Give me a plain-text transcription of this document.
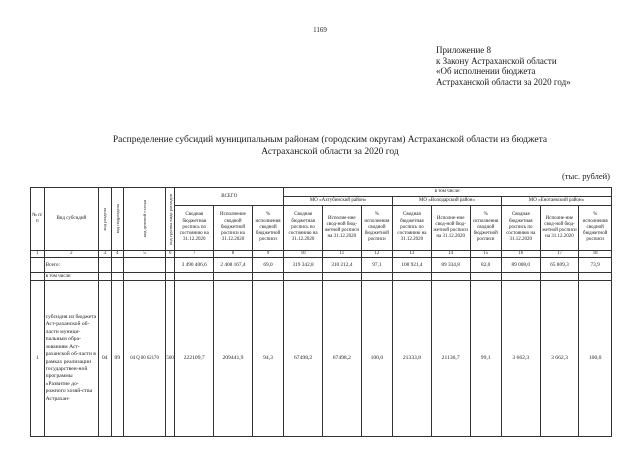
1169
Приложение 8
к Закону Астраханской области
«Об исполнении бюджета
Астраханской области за 2020 год»
Распределение субсидий муниципальным районам (городским округам) Астраханской области из бюджета
Астраханской области за 2020 год
(тыс. рублей)
№ п/п	Вид субсидий	код раздела	код подраздела	код целевой статьи	код группы вида расходов	ВСЕГО			в том числе:								
									МО «Ахтубинский район»			МО «Володарский район»			МО «Енотаевский район»		
						Сводная бюджетная роспись по состоянию на 31.12.2020	Исполнение сводной бюджетной росписи на 31.12.2020	% исполнения сводной бюджетной росписи	Сводная бюджетная роспись по состоянию на 31.12.2020	Исполне-ние свод-ной бюд-жетной росписи на 31.12.2020	% исполнения сводной бюджетной росписи	Сводная бюджетная роспись по состоянию на 31.12.2020	Исполне-ние свод-ной бюд-жетной росписи на 31.12.2020	% исполнения сводной бюджетной росписи	Сводная бюджетная роспись по состоянию на 31.12.2020	Исполне-ние свод-ной бюд-жетной росписи на 31.12.2020	% исполнения сводной бюджетной росписи
1	2	3	4	5	6	7	8	9	10	11	12	13	14	15	16	17	18
	Всего:					3 490 406,6	2 408 167,4	69,0	319 342,8	310 212,4	97,1	108 921,4	89 334,8	82,0	89 008,0	65 809,3	73,9
	в том числе:																
1	субсидия из бюджета Аст-раханской об-ласти муници-пальным обра-зованиям Аст-раханской об-ласти в рамках реализации государствен-ной программы «Развитие до-рожного хозяй-ства Астрахан-	04	09	04 Q 00 62170	500	222109,7	209441,9	94,3	67498,2	67498,2	100,0	21333,8	21136,7	99,1	3 662,3	3 662,3	100,0
